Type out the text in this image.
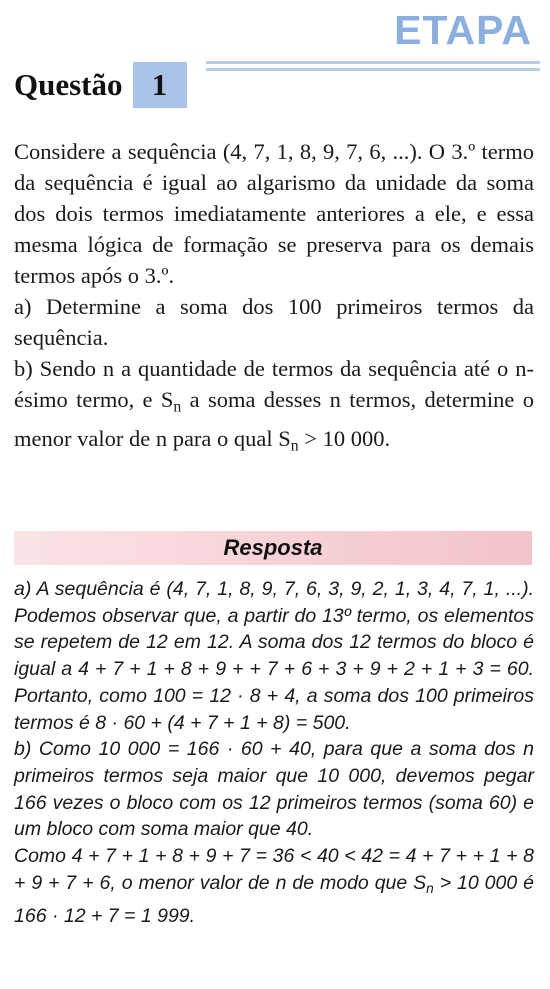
ETAPA
Questão 1

Considere a sequência (4, 7, 1, 8, 9, 7, 6, ...). O 3.º termo da sequência é igual ao algarismo da unidade da soma dos dois termos imediatamente anteriores a ele, e essa mesma lógica de formação se preserva para os demais termos após o 3.º.

a) Determine a soma dos 100 primeiros termos da sequência.

b) Sendo n a quantidade de termos da sequência até o n-ésimo termo, e $S_n$ a soma desses n termos, determine o menor valor de n para o qual $S_n > 10$ 000.

Resposta

a) A sequência é (4, 7, 1, 8, 9, 7, 6, 3, 9, 2, 1, 3, 4, 7, 1, ...). Podemos observar que, a partir do 13º termo, os elementos se repetem de 12 em 12. A soma dos 12 termos do bloco é igual a 4 + 7 + 1 + 8 + 9 + + 7 + 6 + 3 + 9 + 2 + 1 + 3 = 60. Portanto, como 100 = 12 · 8 + 4, a soma dos 100 primeiros termos é 8 · 60 + (4 + 7 + 1 + 8) = 500.

b) Como 10 000 = 166 · 60 + 40, para que a soma dos n primeiros termos seja maior que 10 000, devemos pegar 166 vezes o bloco com os 12 primeiros termos (soma 60) e um bloco com soma maior que 40.

Como 4 + 7 + 1 + 8 + 9 + 7 = 36 < 40 < 42 = 4 + 7 + + 1 + 8 + 9 + 7 + 6, o menor valor de n de modo que $S_n > 10$ 000 é 166 · 12 + 7 = 1 999.
